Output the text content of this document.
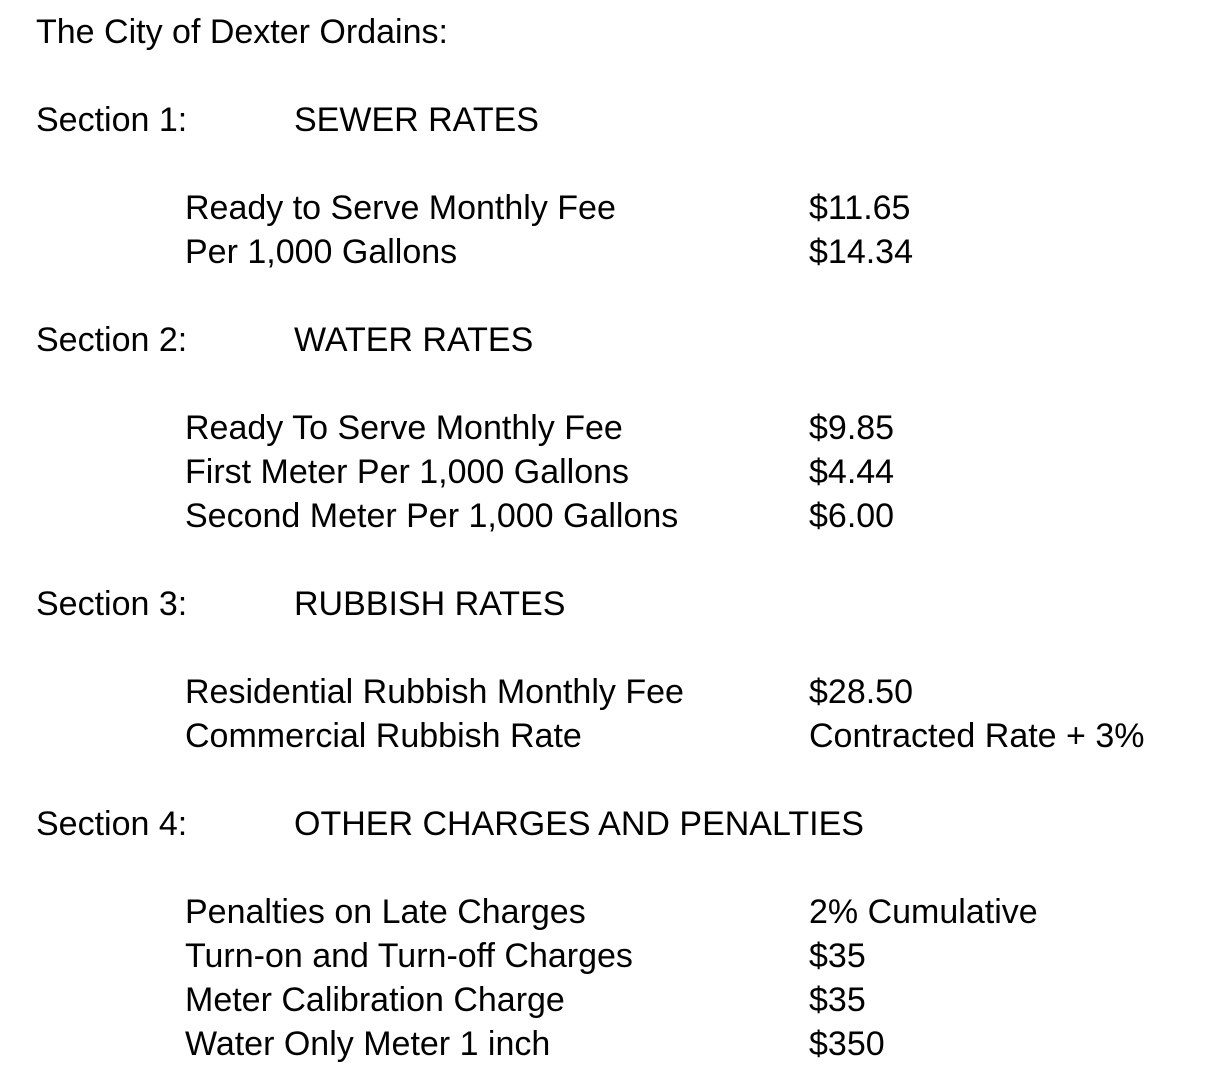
The City of Dexter Ordains:
Section 1:	SEWER RATES
Ready to Serve Monthly Fee	$11.65
Per 1,000 Gallons	$14.34
Section 2:	WATER RATES
Ready To Serve Monthly Fee	$9.85
First Meter Per 1,000 Gallons	$4.44
Second Meter Per 1,000 Gallons	$6.00
Section 3:	RUBBISH RATES
Residential Rubbish Monthly Fee	$28.50
Commercial Rubbish Rate	Contracted Rate + 3%
Section 4:	OTHER CHARGES AND PENALTIES
Penalties on Late Charges	2% Cumulative
Turn-on and Turn-off Charges	$35
Meter Calibration Charge	$35
Water Only Meter 1 inch	$350
